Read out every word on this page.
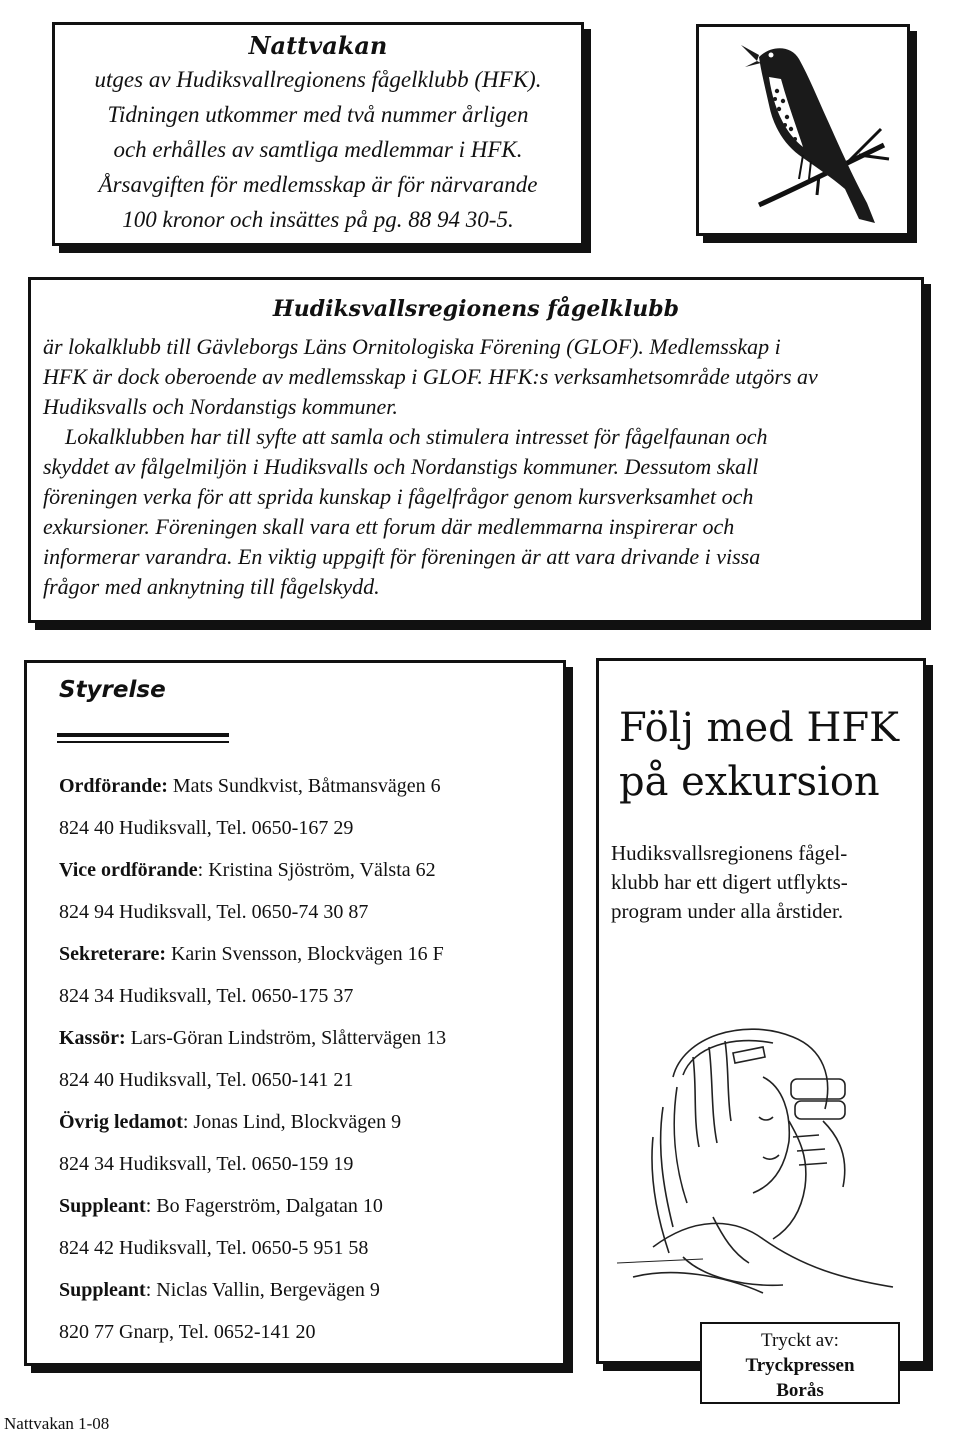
Nattvakan
utges av Hudiksvallregionens fågelklubb (HFK).
Tidningen utkommer med två nummer årligen
och erhålles av samtliga medlemmar i HFK.
Årsavgiften för medlemsskap är för närvarande
100 kronor och insättes på pg. 88 94 30-5.
Hudiksvallsregionens fågelklubb
är lokalklubb till Gävleborgs Läns Ornitologiska Förening (GLOF). Medlemsskap i
HFK är dock oberoende av medlemsskap i GLOF. HFK:s verksamhetsområde utgörs av
Hudiksvalls och Nordanstigs kommuner.
Lokalklubben har till syfte att samla och stimulera intresset för fågelfaunan och
skyddet av fålgelmiljön i Hudiksvalls och Nordanstigs kommuner. Dessutom skall
föreningen verka för att sprida kunskap i fågelfrågor genom kursverksamhet och
exkursioner. Föreningen skall vara ett forum där medlemmarna inspirerar och
informerar varandra. En viktig uppgift för föreningen är att vara drivande i vissa
frågor med anknytning till fågelskydd.
Styrelse
Ordförande: Mats Sundkvist, Båtmansvägen 6
824 40 Hudiksvall, Tel. 0650-167 29
Vice ordförande: Kristina Sjöström, Välsta 62
824 94 Hudiksvall, Tel. 0650-74 30 87
Sekreterare: Karin Svensson, Blockvägen 16 F
824 34 Hudiksvall, Tel. 0650-175 37
Kassör: Lars-Göran Lindström, Slåttervägen 13
824 40 Hudiksvall, Tel. 0650-141 21
Övrig ledamot: Jonas Lind, Blockvägen 9
824 34 Hudiksvall, Tel. 0650-159 19
Suppleant: Bo Fagerström, Dalgatan 10
824 42 Hudiksvall, Tel. 0650-5 951 58
Suppleant: Niclas Vallin, Bergevägen 9
820 77 Gnarp, Tel. 0652-141 20
Följ med HFK
på exkursion
Hudiksvallsregionens fågel-
klubb har ett digert utflykts-
program under alla årstider.
Tryckt av:
Tryckpressen
Borås
Nattvakan 1-08
